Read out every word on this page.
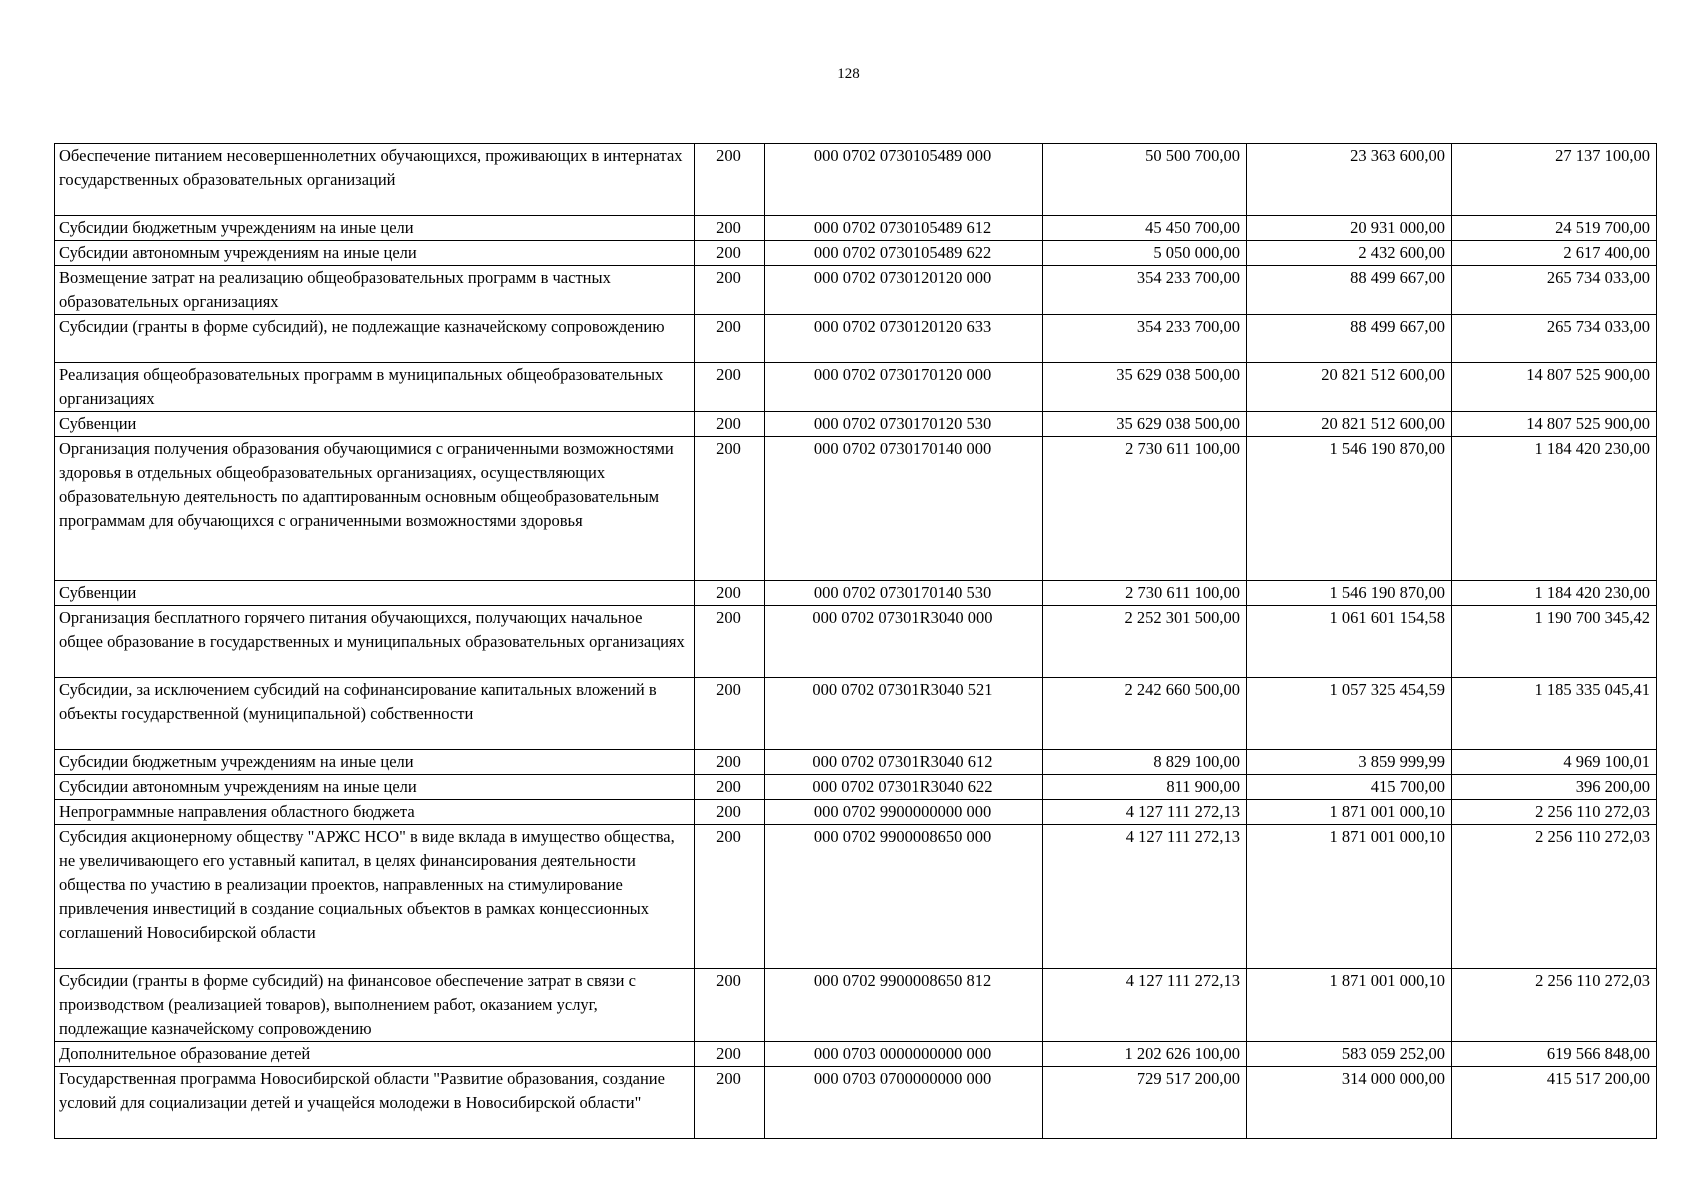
128
Обеспечение питанием несовершеннолетних обучающихся, проживающих в интернатах государственных образовательных организаций	200	000 0702 0730105489 000	50 500 700,00	23 363 600,00	27 137 100,00
Субсидии бюджетным учреждениям на иные цели	200	000 0702 0730105489 612	45 450 700,00	20 931 000,00	24 519 700,00
Субсидии автономным учреждениям на иные цели	200	000 0702 0730105489 622	5 050 000,00	2 432 600,00	2 617 400,00
Возмещение затрат на реализацию общеобразовательных программ в частных образовательных организациях	200	000 0702 0730120120 000	354 233 700,00	88 499 667,00	265 734 033,00
Субсидии (гранты в форме субсидий), не подлежащие казначейскому сопровождению	200	000 0702 0730120120 633	354 233 700,00	88 499 667,00	265 734 033,00
Реализация общеобразовательных программ в муниципальных общеобразовательных организациях	200	000 0702 0730170120 000	35 629 038 500,00	20 821 512 600,00	14 807 525 900,00
Субвенции	200	000 0702 0730170120 530	35 629 038 500,00	20 821 512 600,00	14 807 525 900,00
Организация получения образования обучающимися с ограниченными возможностями здоровья в отдельных общеобразовательных организациях, осуществляющих образовательную деятельность по адаптированным основным общеобразовательным программам для обучающихся с ограниченными возможностями здоровья	200	000 0702 0730170140 000	2 730 611 100,00	1 546 190 870,00	1 184 420 230,00
Субвенции	200	000 0702 0730170140 530	2 730 611 100,00	1 546 190 870,00	1 184 420 230,00
Организация бесплатного горячего питания обучающихся, получающих начальное общее образование в государственных и муниципальных образовательных организациях	200	000 0702 07301R3040 000	2 252 301 500,00	1 061 601 154,58	1 190 700 345,42
Субсидии, за исключением субсидий на софинансирование капитальных вложений в объекты государственной (муниципальной) собственности	200	000 0702 07301R3040 521	2 242 660 500,00	1 057 325 454,59	1 185 335 045,41
Субсидии бюджетным учреждениям на иные цели	200	000 0702 07301R3040 612	8 829 100,00	3 859 999,99	4 969 100,01
Субсидии автономным учреждениям на иные цели	200	000 0702 07301R3040 622	811 900,00	415 700,00	396 200,00
Непрограммные направления областного бюджета	200	000 0702 9900000000 000	4 127 111 272,13	1 871 001 000,10	2 256 110 272,03
Субсидия акционерному обществу "АРЖС НСО" в виде вклада в имущество общества, не увеличивающего его уставный капитал, в целях финансирования деятельности общества по участию в реализации проектов, направленных на стимулирование привлечения инвестиций в создание социальных объектов в рамках концессионных соглашений Новосибирской области	200	000 0702 9900008650 000	4 127 111 272,13	1 871 001 000,10	2 256 110 272,03
Субсидии (гранты в форме субсидий) на финансовое обеспечение затрат в связи с производством (реализацией товаров), выполнением работ, оказанием услуг, подлежащие казначейскому сопровождению	200	000 0702 9900008650 812	4 127 111 272,13	1 871 001 000,10	2 256 110 272,03
Дополнительное образование детей	200	000 0703 0000000000 000	1 202 626 100,00	583 059 252,00	619 566 848,00
Государственная программа Новосибирской области "Развитие образования, создание условий для социализации детей и учащейся молодежи в Новосибирской области"	200	000 0703 0700000000 000	729 517 200,00	314 000 000,00	415 517 200,00
